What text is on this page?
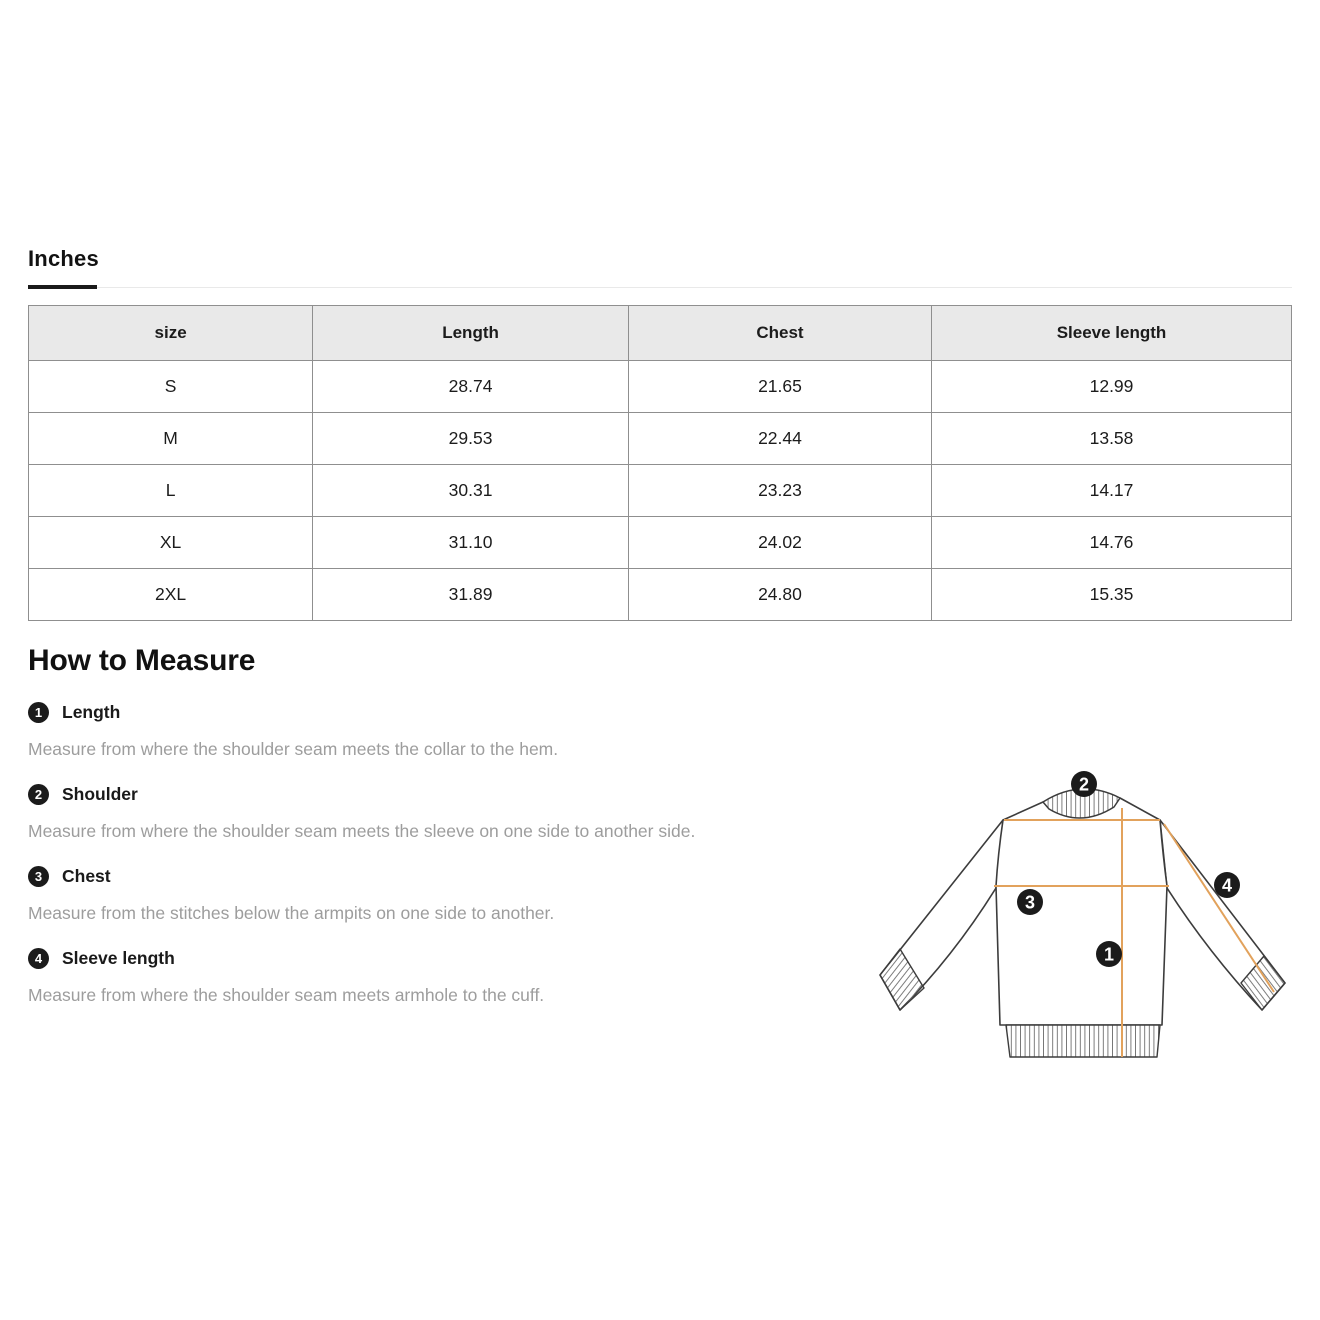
Inches
size	Length	Chest	Sleeve length
S	28.74	21.65	12.99
M	29.53	22.44	13.58
L	30.31	23.23	14.17
XL	31.10	24.02	14.76
2XL	31.89	24.80	15.35
How to Measure
1	Length
Measure from where the shoulder seam meets the collar to the hem.
2	Shoulder
Measure from where the shoulder seam meets the sleeve on one side to another side.
3	Chest
Measure from the stitches below the armpits on one side to another.
4	Sleeve length
Measure from where the shoulder seam meets armhole to the cuff.
2
3
1
4
